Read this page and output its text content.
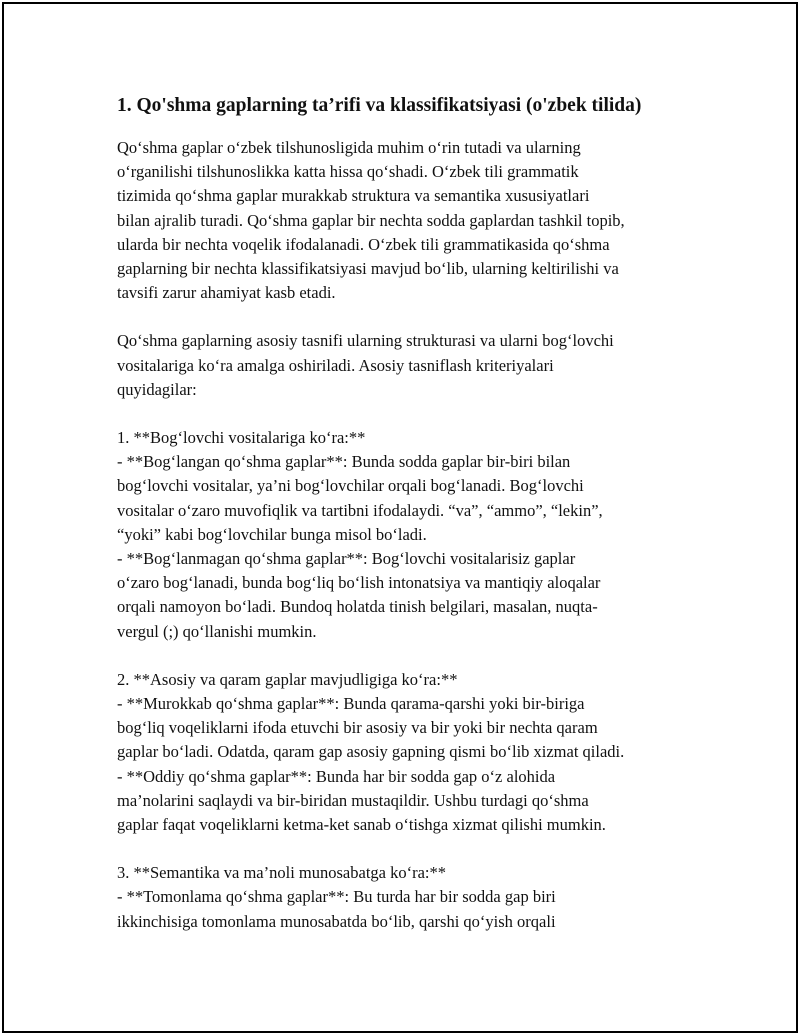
1. Qo'shma gaplarning ta’rifi va klassifikatsiyasi (o'zbek tilida)

Qo‘shma gaplar o‘zbek tilshunosligida muhim o‘rin tutadi va ularning
o‘rganilishi tilshunoslikka katta hissa qo‘shadi. O‘zbek tili grammatik
tizimida qo‘shma gaplar murakkab struktura va semantika xususiyatlari
bilan ajralib turadi. Qo‘shma gaplar bir nechta sodda gaplardan tashkil topib,
ularda bir nechta voqelik ifodalanadi. O‘zbek tili grammatikasida qo‘shma
gaplarning bir nechta klassifikatsiyasi mavjud bo‘lib, ularning keltirilishi va
tavsifi zarur ahamiyat kasb etadi.

Qo‘shma gaplarning asosiy tasnifi ularning strukturasi va ularni bog‘lovchi
vositalariga ko‘ra amalga oshiriladi. Asosiy tasniflash kriteriyalari
quyidagilar:

1. **Bog‘lovchi vositalariga ko‘ra:**
- **Bog‘langan qo‘shma gaplar**: Bunda sodda gaplar bir-biri bilan
bog‘lovchi vositalar, ya’ni bog‘lovchilar orqali bog‘lanadi. Bog‘lovchi
vositalar o‘zaro muvofiqlik va tartibni ifodalaydi. “va”, “ammo”, “lekin”,
“yoki” kabi bog‘lovchilar bunga misol bo‘ladi.
- **Bog‘lanmagan qo‘shma gaplar**: Bog‘lovchi vositalarisiz gaplar
o‘zaro bog‘lanadi, bunda bog‘liq bo‘lish intonatsiya va mantiqiy aloqalar
orqali namoyon bo‘ladi. Bundoq holatda tinish belgilari, masalan, nuqta-
vergul (;) qo‘llanishi mumkin.

2. **Asosiy va qaram gaplar mavjudligiga ko‘ra:**
- **Murokkab qo‘shma gaplar**: Bunda qarama-qarshi yoki bir-biriga
bog‘liq voqeliklarni ifoda etuvchi bir asosiy va bir yoki bir nechta qaram
gaplar bo‘ladi. Odatda, qaram gap asosiy gapning qismi bo‘lib xizmat qiladi.
- **Oddiy qo‘shma gaplar**: Bunda har bir sodda gap o‘z alohida
ma’nolarini saqlaydi va bir-biridan mustaqildir. Ushbu turdagi qo‘shma
gaplar faqat voqeliklarni ketma-ket sanab o‘tishga xizmat qilishi mumkin.

3. **Semantika va ma’noli munosabatga ko‘ra:**
- **Tomonlama qo‘shma gaplar**: Bu turda har bir sodda gap biri
ikkinchisiga tomonlama munosabatda bo‘lib, qarshi qo‘yish orqali
